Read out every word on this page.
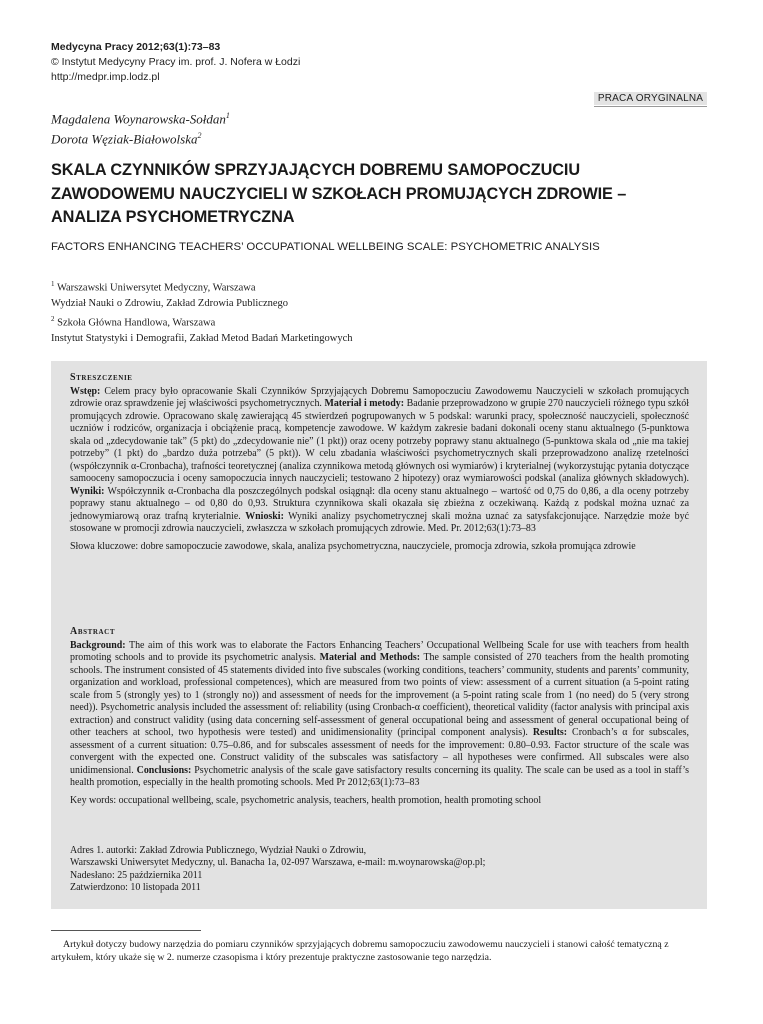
Medycyna Pracy 2012;63(1):73–83
© Instytut Medycyny Pracy im. prof. J. Nofera w Łodzi
http://medpr.imp.lodz.pl
PRACA ORYGINALNA
Magdalena Woynarowska-Sołdan$^1$
Dorota Węziak-Białowolska$^2$
SKALA CZYNNIKÓW SPRZYJAJĄCYCH DOBREMU SAMOPOCZUCIU
ZAWODOWEMU NAUCZYCIELI W SZKOŁACH PROMUJĄCYCH ZDROWIE –
ANALIZA PSYCHOMETRYCZNA
FACTORS ENHANCING TEACHERS’ OCCUPATIONAL WELLBEING SCALE: PSYCHOMETRIC ANALYSIS
$^1$ Warszawski Uniwersytet Medyczny, Warszawa
Wydział Nauki o Zdrowiu, Zakład Zdrowia Publicznego
$^2$ Szkoła Główna Handlowa, Warszawa
Instytut Statystyki i Demografii, Zakład Metod Badań Marketingowych
Streszczenie
Wstęp: Celem pracy było opracowanie Skali Czynników Sprzyjających Dobremu Samopoczuciu Zawodowemu Nauczycieli w szkołach promujących zdrowie oraz sprawdzenie jej właściwości psychometrycznych. Materiał i metody: Badanie przeprowadzono w grupie 270 nauczycieli różnego typu szkół promujących zdrowie. Opracowano skalę zawierającą 45 stwierdzeń pogrupowanych w 5 podskal: warunki pracy, społeczność nauczycieli, społeczność uczniów i rodziców, organizacja i obciążenie pracą, kompetencje zawodowe. W każdym zakresie badani dokonali oceny stanu aktualnego (5-punktowa skala od „zdecydowanie tak” (5 pkt) do „zdecydowanie nie” (1 pkt)) oraz oceny potrzeby poprawy stanu aktualnego (5-punktowa skala od „nie ma takiej potrzeby” (1 pkt) do „bardzo duża potrzeba” (5 pkt)). W celu zbadania właściwości psychometrycznych skali przeprowadzono analizę rzetelności (współczynnik α-Cronbacha), trafności teoretycznej (analiza czynnikowa metodą głównych osi wymiarów) i kryterialnej (wykorzystując pytania dotyczące samooceny samopoczucia i oceny samopoczucia innych nauczycieli; testowano 2 hipotezy) oraz wymiarowości podskal (analiza głównych składowych). Wyniki: Współczynnik α-Cronbacha dla poszczególnych podskal osiągnął: dla oceny stanu aktualnego – wartość od 0,75 do 0,86, a dla oceny potrzeby poprawy stanu aktualnego – od 0,80 do 0,93. Struktura czynnikowa skali okazała się zbieżna z oczekiwaną. Każdą z podskal można uznać za jednowymiarową oraz trafną kryterialnie. Wnioski: Wyniki analizy psychometrycznej skali można uznać za satysfakcjonujące. Narzędzie może być stosowane w promocji zdrowia nauczycieli, zwłaszcza w szkołach promujących zdrowie. Med. Pr. 2012;63(1):73–83
Słowa kluczowe: dobre samopoczucie zawodowe, skala, analiza psychometryczna, nauczyciele, promocja zdrowia, szkoła promująca zdrowie
Abstract
Background: The aim of this work was to elaborate the Factors Enhancing Teachers’ Occupational Wellbeing Scale for use with teachers from health promoting schools and to provide its psychometric analysis. Material and Methods: The sample consisted of 270 teachers from the health promoting schools. The instrument consisted of 45 statements divided into five subscales (working conditions, teachers’ community, students and parents’ community, organization and workload, professional competences), which are measured from two points of view: assessment of a current situation (a 5-point rating scale from 5 (strongly yes) to 1 (strongly no)) and assessment of needs for the improvement (a 5-point rating scale from 1 (no need) do 5 (very strong need)). Psychometric analysis included the assessment of: reliability (using Cronbach-α coefficient), theoretical validity (factor analysis with principal axis extraction) and construct validity (using data concerning self-assessment of general occupational being and assessment of general occupational being of other teachers at school, two hypothesis were tested) and unidimensionality (principal component analysis). Results: Cronbach’s α for subscales, assessment of a current situation: 0.75–0.86, and for subscales assessment of needs for the improvement: 0.80–0.93. Factor structure of the scale was convergent with the expected one. Construct validity of the subscales was satisfactory – all hypotheses were confirmed. All subscales were also unidimensional. Conclusions: Psychometric analysis of the scale gave satisfactory results concerning its quality. The scale can be used as a tool in staff’s health promotion, especially in the health promoting schools. Med Pr 2012;63(1):73–83
Key words: occupational wellbeing, scale, psychometric analysis, teachers, health promotion, health promoting school
Adres 1. autorki: Zakład Zdrowia Publicznego, Wydział Nauki o Zdrowiu,
Warszawski Uniwersytet Medyczny, ul. Banacha 1a, 02-097 Warszawa, e-mail: m.woynarowska@op.pl;
Nadesłano: 25 października 2011
Zatwierdzono: 10 listopada 2011
Artykuł dotyczy budowy narzędzia do pomiaru czynników sprzyjających dobremu samopoczuciu zawodowemu nauczycieli i stanowi całość tematyczną z artykułem, który ukaże się w 2. numerze czasopisma i który prezentuje praktyczne zastosowanie tego narzędzia.
